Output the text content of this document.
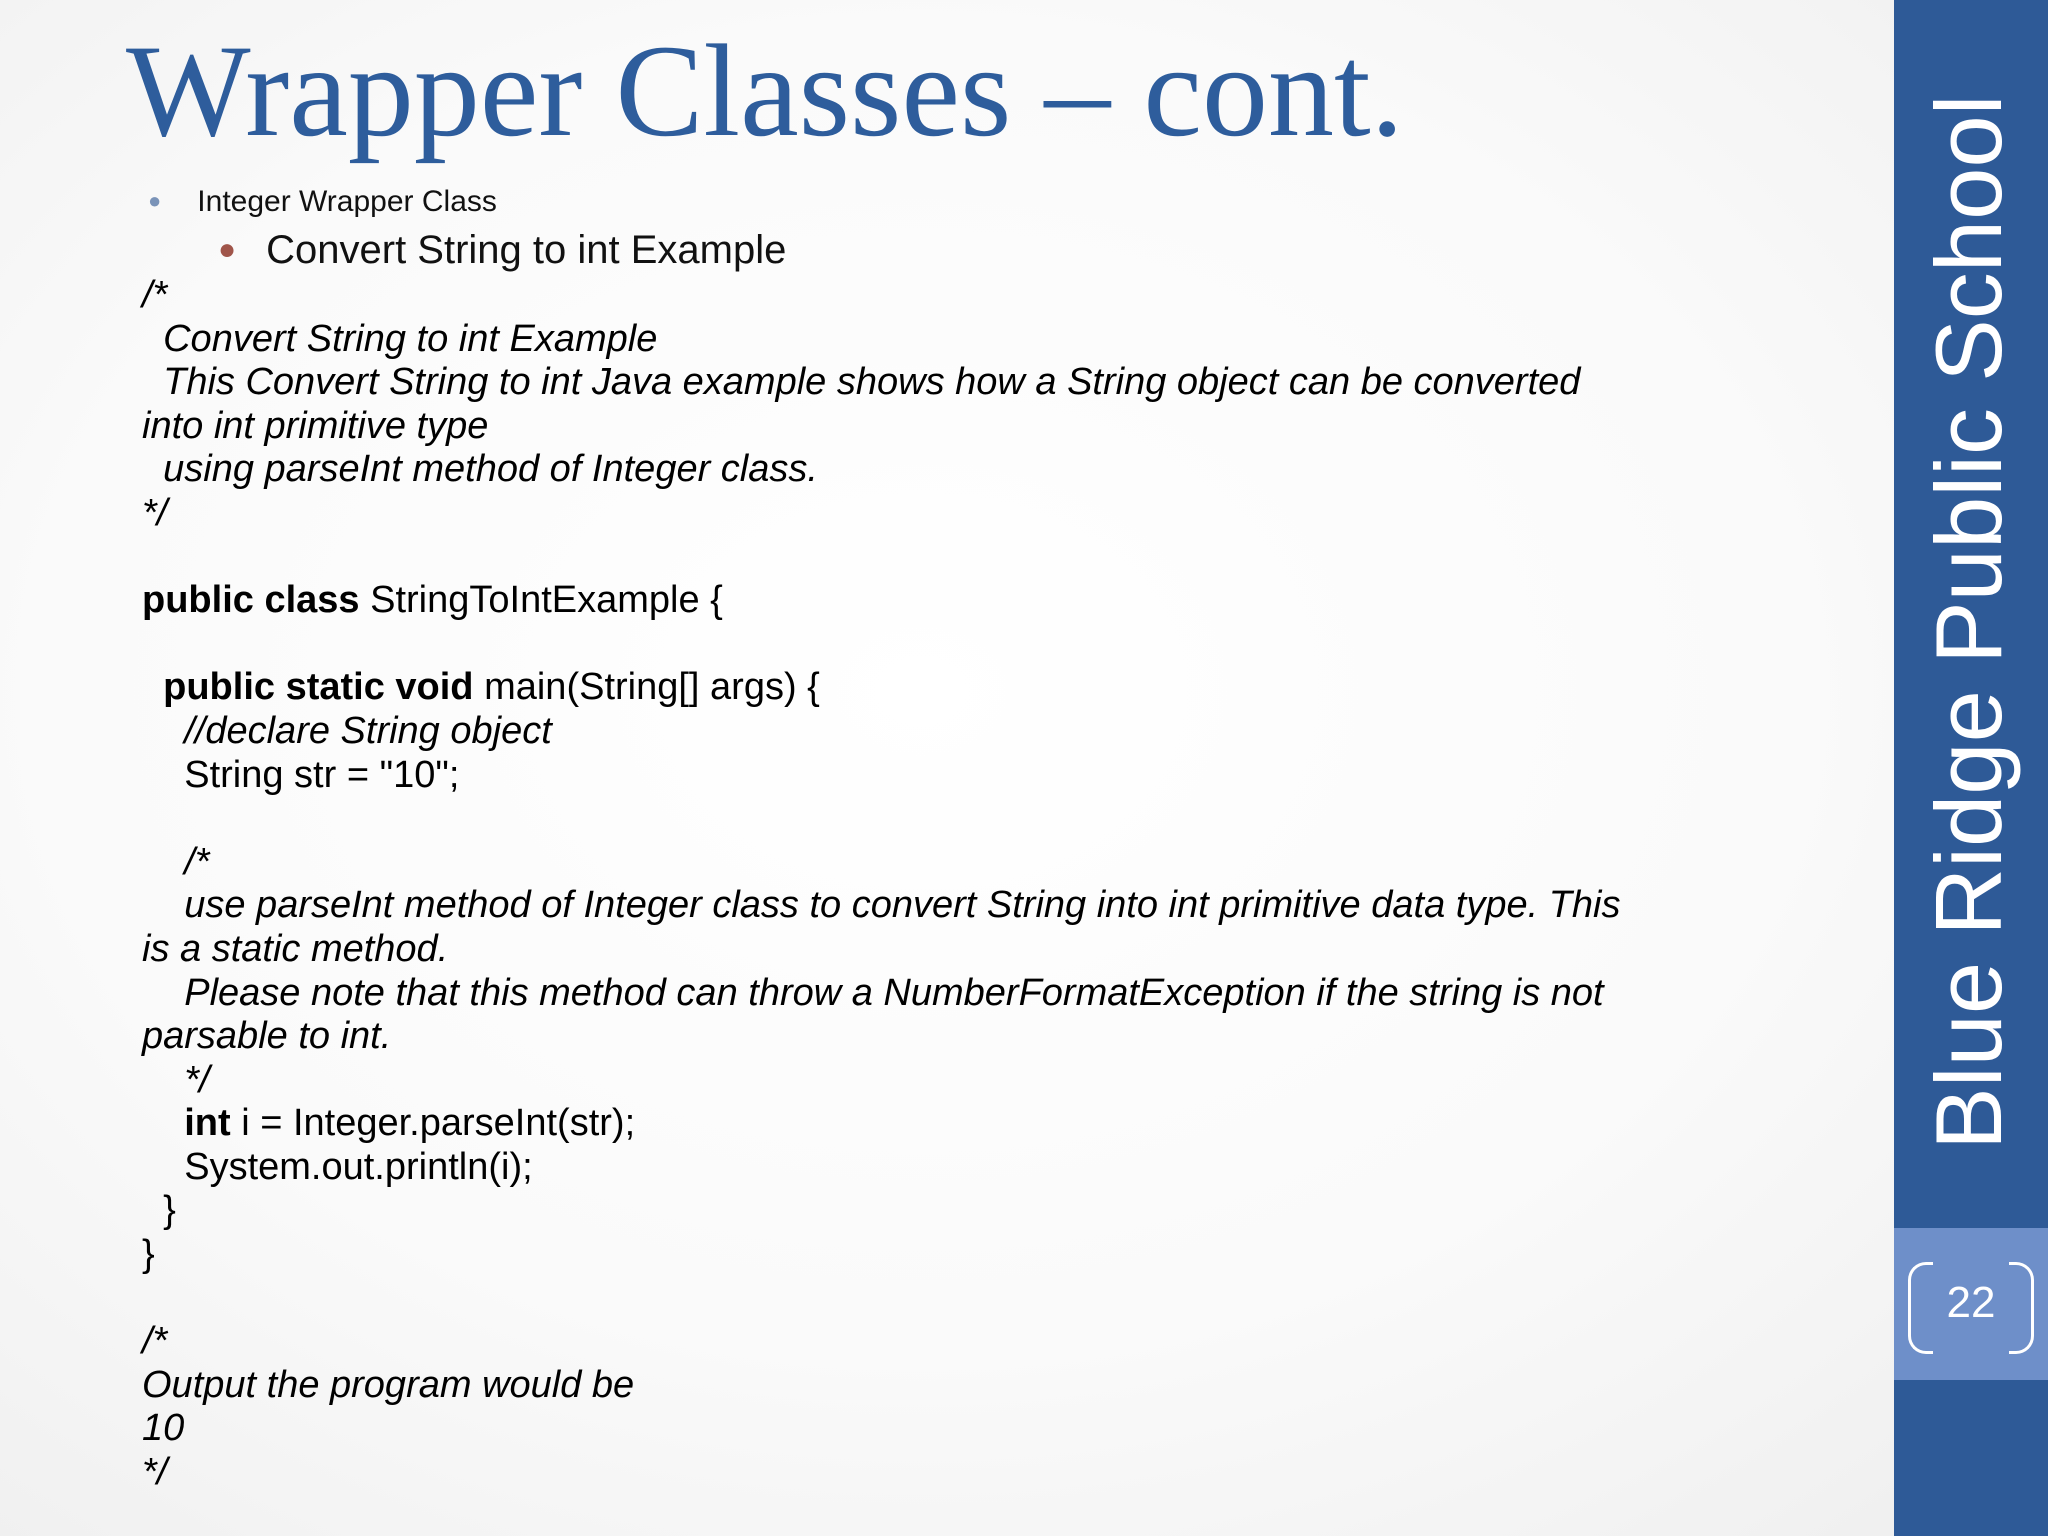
Wrapper Classes – cont.
● Integer Wrapper Class
● Convert String to int Example
/*
Convert String to int Example
This Convert String to int Java example shows how a String object can be converted
into int primitive type
using parseInt method of Integer class.
*/
public class StringToIntExample {
public static void main(String[] args) {
//declare String object
String str = "10";
/*
use parseInt method of Integer class to convert String into int primitive data type. This
is a static method.
Please note that this method can throw a NumberFormatException if the string is not
parsable to int.
*/
int i = Integer.parseInt(str);
System.out.println(i);
}
}
/*
Output the program would be
10
*/
Blue Ridge Public School
22
